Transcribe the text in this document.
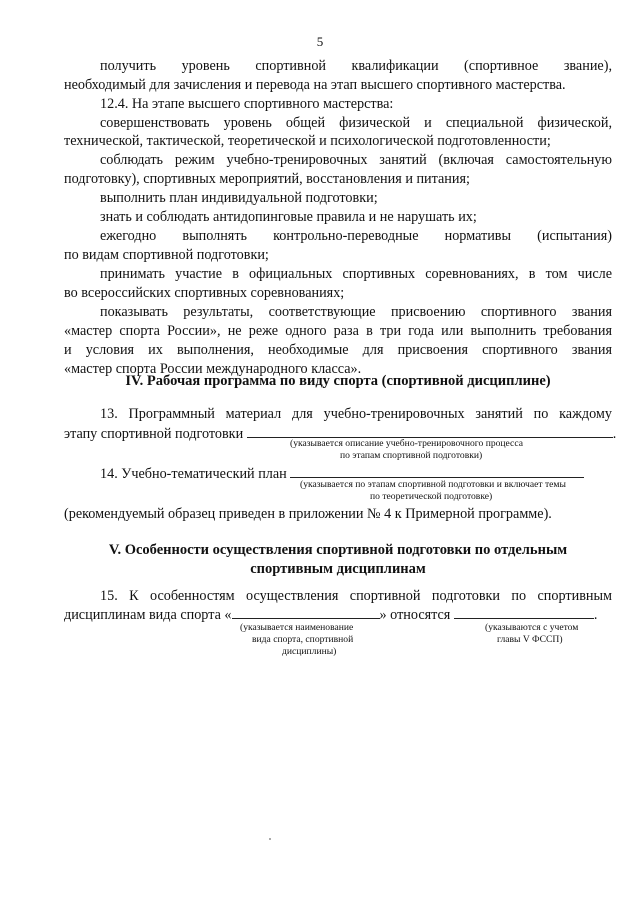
5
получить уровень спортивной квалификации (спортивное звание),
необходимый для зачисления и перевода на этап высшего спортивного мастерства.
12.4. На этапе высшего спортивного мастерства:
совершенствовать уровень общей физической и специальной физической,
технической, тактической, теоретической и психологической подготовленности;
соблюдать режим учебно-тренировочных занятий (включая самостоятельную
подготовку), спортивных мероприятий, восстановления и питания;
выполнить план индивидуальной подготовки;
знать и соблюдать антидопинговые правила и не нарушать их;
ежегодно выполнять контрольно-переводные нормативы (испытания)
по видам спортивной подготовки;
принимать участие в официальных спортивных соревнованиях, в том числе
во всероссийских спортивных соревнованиях;
показывать результаты, соответствующие присвоению спортивного звания
«мастер спорта России», не реже одного раза в три года или выполнить требования
и условия их выполнения, необходимые для присвоения спортивного звания
«мастер спорта России международного класса».
IV. Рабочая программа по виду спорта (спортивной дисциплине)
13. Программный материал для учебно-тренировочных занятий по каждому
этапу спортивной подготовки	.
(указывается описание учебно-тренировочного процесса
по этапам спортивной подготовки)
14. Учебно-тематический план
(указывается по этапам спортивной подготовки и включает темы
по теоретической подготовке)
(рекомендуемый образец приведен в приложении № 4 к Примерной программе).
V. Особенности осуществления спортивной подготовки по отдельным
спортивным дисциплинам
15. К особенностям осуществления спортивной подготовки по спортивным
дисциплинам вида спорта «	» относятся	.
(указывается наименование
вида спорта, спортивной
дисциплины)
(указываются с учетом
главы V ФССП)
